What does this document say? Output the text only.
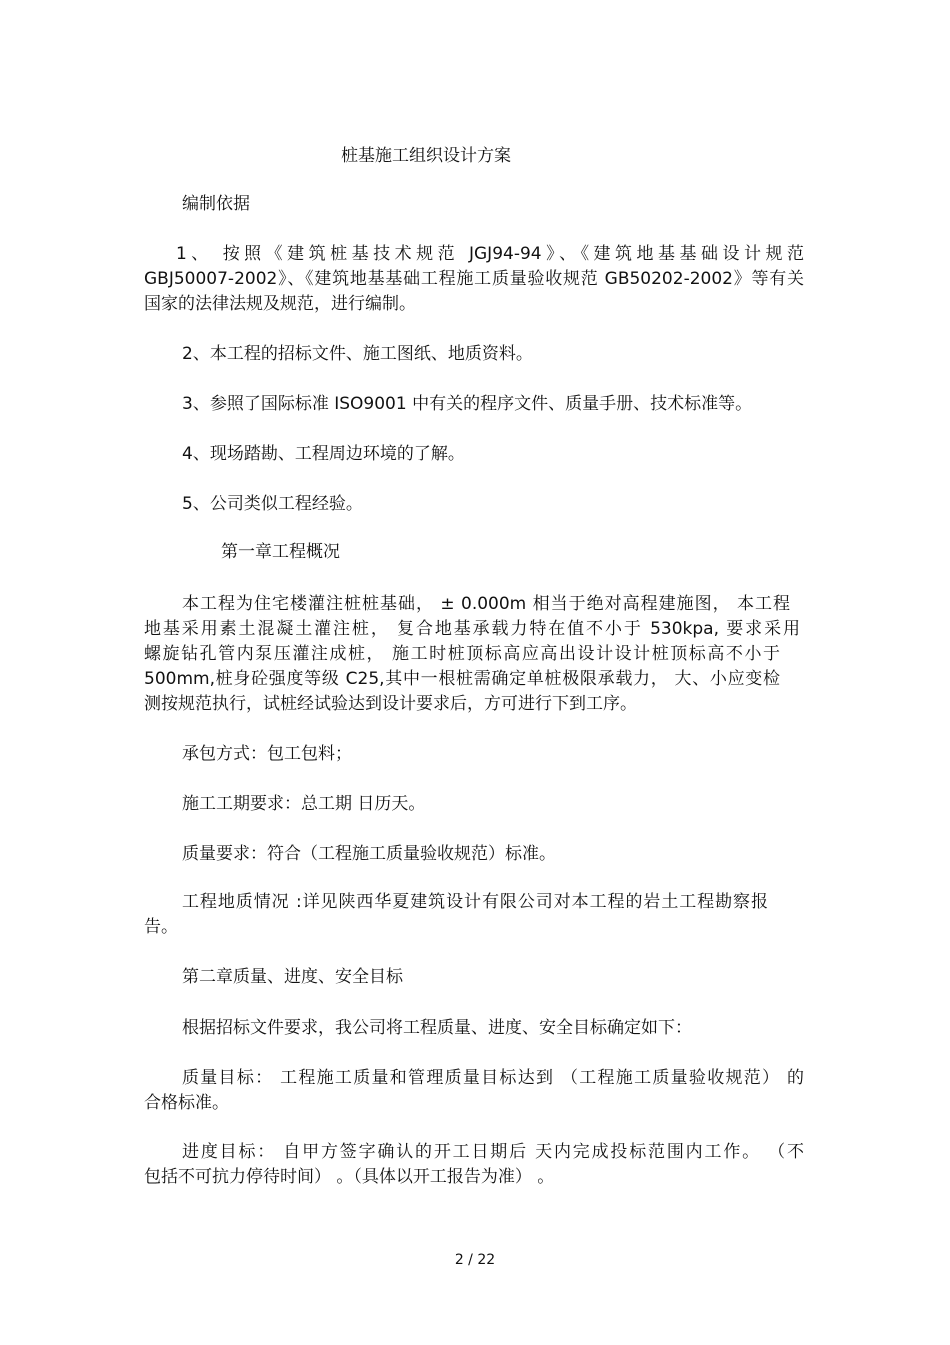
桩基施工组织设计方案
编制依据
1、 按照《建筑桩基技术规范 JGJ94-94》、《建筑地基基础设计规范
GBJ50007-2002》、《建筑地基基础工程施工质量验收规范 GB50202-2002》等有关
国家的法律法规及规范，进行编制。
2、本工程的招标文件、施工图纸、地质资料。
3、参照了国际标准 ISO9001 中有关的程序文件、质量手册、技术标准等。
4、现场踏勘、工程周边环境的了解。
5、公司类似工程经验。
第一章工程概况
本工程为住宅楼灌注桩桩基础， ± 0.000m 相当于绝对高程建施图， 本工程
地基采用素土混凝土灌注桩， 复合地基承载力特在值不小于 530kpa, 要求采用
螺旋钻孔管内泵压灌注成桩， 施工时桩顶标高应高出设计设计桩顶标高不小于
500mm,桩身砼强度等级 C25,其中一根桩需确定单桩极限承载力， 大、小应变检
测按规范执行，试桩经试验达到设计要求后，方可进行下到工序。
承包方式：包工包料；
施工工期要求：总工期 日历天。
质量要求：符合（工程施工质量验收规范）标准。
工程地质情况 :详见陕西华夏建筑设计有限公司对本工程的岩土工程勘察报
告。
第二章质量、进度、安全目标
根据招标文件要求，我公司将工程质量、进度、安全目标确定如下：
质量目标： 工程施工质量和管理质量目标达到 （工程施工质量验收规范） 的
合格标准。
进度目标： 自甲方签字确认的开工日期后 天内完成投标范围内工作。 （不
包括不可抗力停待时间） 。（具体以开工报告为准） 。
2 / 22
